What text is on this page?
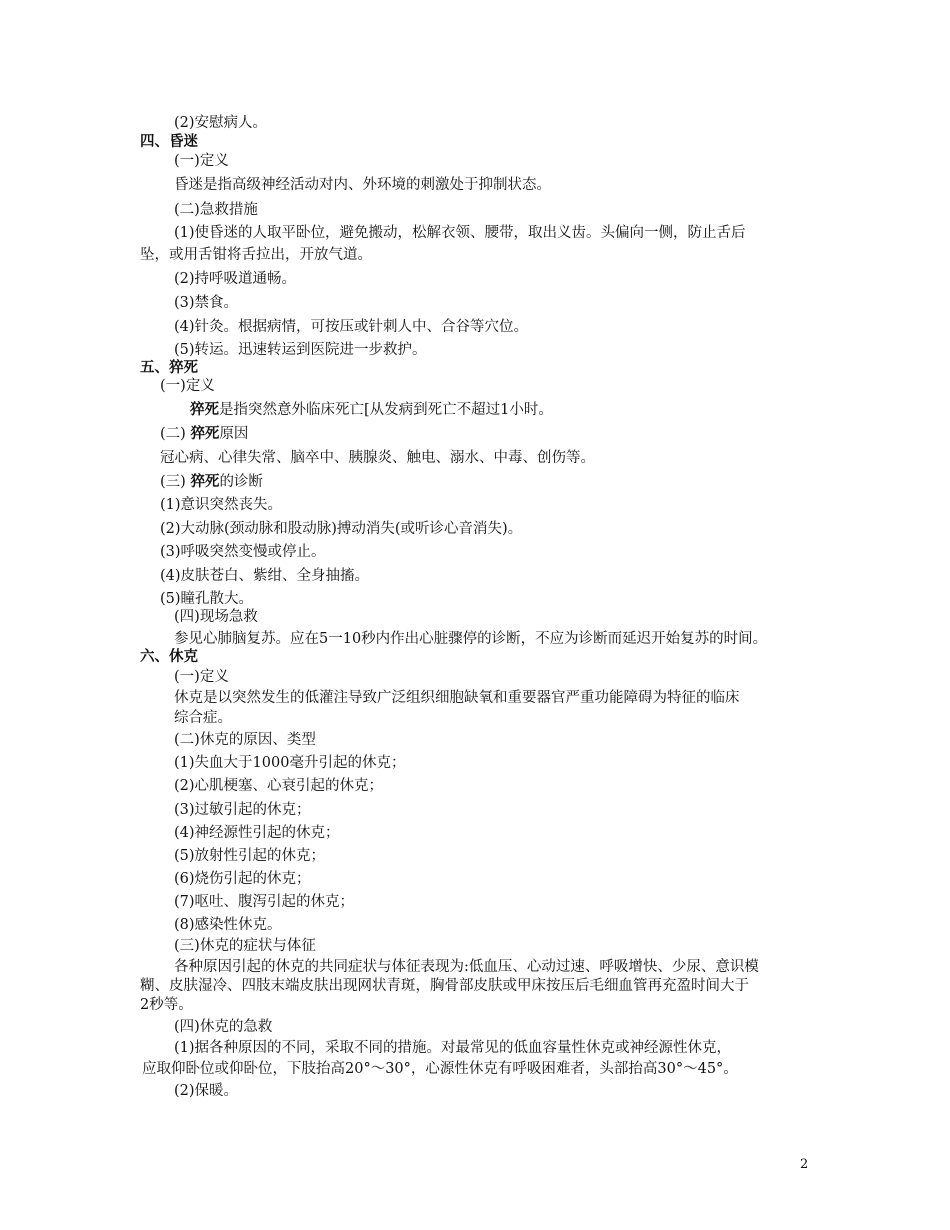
(2)安慰病人。
四、昏迷
(一)定义
昏迷是指高级神经活动对内、外环境的刺激处于抑制状态。
(二)急救措施
(1)使昏迷的人取平卧位，避免搬动，松解衣领、腰带，取出义齿。头偏向一侧，防止舌后
坠，或用舌钳将舌拉出，开放气道。
(2)持呼吸道通畅。
(3)禁食。
(4)针灸。根据病情，可按压或针刺人中、合谷等穴位。
(5)转运。迅速转运到医院进一步救护。
五、猝死
(一)定义
猝死是指突然意外临床死亡[从发病到死亡不超过1小时。
(二) 猝死原因
冠心病、心律失常、脑卒中、胰腺炎、触电、溺水、中毒、创伤等。
(三) 猝死的诊断
(1)意识突然丧失。
(2)大动脉(颈动脉和股动脉)搏动消失(或听诊心音消失)。
(3)呼吸突然变慢或停止。
(4)皮肤苍白、紫绀、全身抽搐。
(5)瞳孔散大。
(四)现场急救
参见心肺脑复苏。应在5一10秒内作出心脏骤停的诊断，不应为诊断而延迟开始复苏的时间。
六、休克
(一)定义
休克是以突然发生的低灌注导致广泛组织细胞缺氧和重要器官严重功能障碍为特征的临床
综合症。
(二)休克的原因、类型
(1)失血大于1000毫升引起的休克；
(2)心肌梗塞、心衰引起的休克；
(3)过敏引起的休克；
(4)神经源性引起的休克；
(5)放射性引起的休克；
(6)烧伤引起的休克；
(7)呕吐、腹泻引起的休克；
(8)感染性休克。
(三)休克的症状与体征
各种原因引起的休克的共同症状与体征表现为:低血压、心动过速、呼吸增快、少尿、意识模
糊、皮肤湿冷、四肢末端皮肤出现网状青斑，胸骨部皮肤或甲床按压后毛细血管再充盈时间大于
2秒等。
(四)休克的急救
(1)据各种原因的不同，采取不同的措施。对最常见的低血容量性休克或神经源性休克，
应取仰卧位或仰卧位，下肢抬高20°～30°，心源性休克有呼吸困难者，头部抬高30°～45°。
(2)保暖。
2
